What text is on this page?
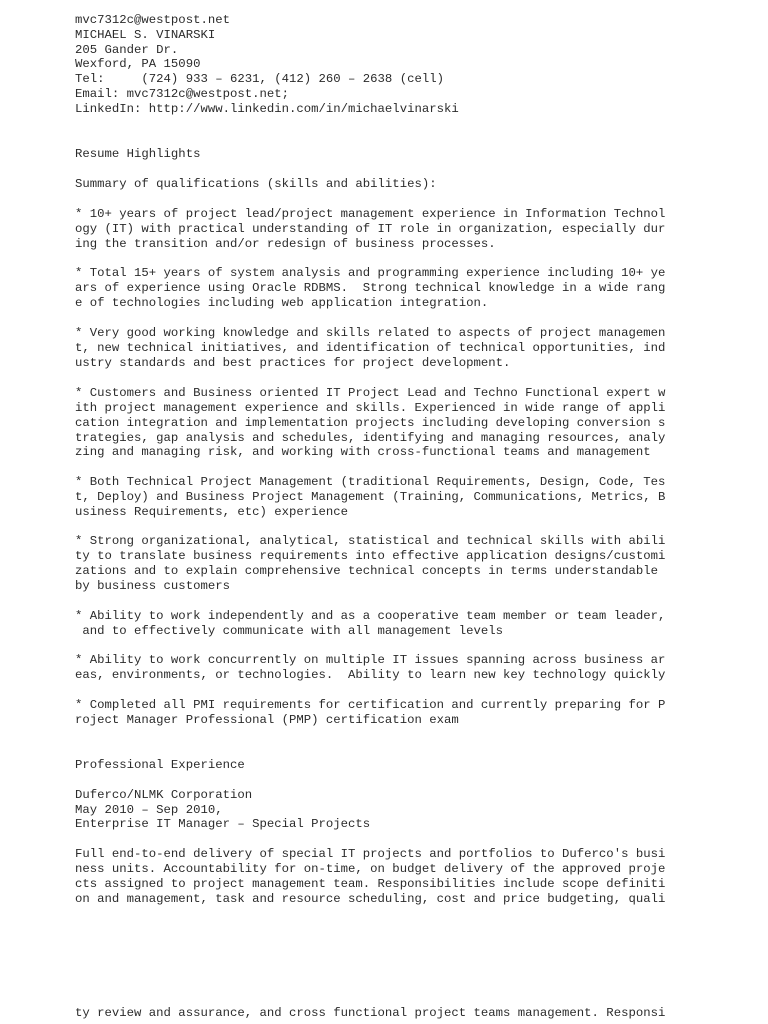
mvc7312c@westpost.net
MICHAEL S. VINARSKI
205 Gander Dr.
Wexford, PA 15090
Tel:     (724) 933 – 6231, (412) 260 – 2638 (cell)
Email: mvc7312c@westpost.net;
LinkedIn: http://www.linkedin.com/in/michaelvinarski
Resume Highlights
Summary of qualifications (skills and abilities):
* 10+ years of project lead/project management experience in Information Technol
ogy (IT) with practical understanding of IT role in organization, especially dur
ing the transition and/or redesign of business processes.
* Total 15+ years of system analysis and programming experience including 10+ ye
ars of experience using Oracle RDBMS.  Strong technical knowledge in a wide rang
e of technologies including web application integration.
* Very good working knowledge and skills related to aspects of project managemen
t, new technical initiatives, and identification of technical opportunities, ind
ustry standards and best practices for project development.
* Customers and Business oriented IT Project Lead and Techno Functional expert w
ith project management experience and skills. Experienced in wide range of appli
cation integration and implementation projects including developing conversion s
trategies, gap analysis and schedules, identifying and managing resources, analy
zing and managing risk, and working with cross-functional teams and management
* Both Technical Project Management (traditional Requirements, Design, Code, Tes
t, Deploy) and Business Project Management (Training, Communications, Metrics, B
usiness Requirements, etc) experience
* Strong organizational, analytical, statistical and technical skills with abili
ty to translate business requirements into effective application designs/customi
zations and to explain comprehensive technical concepts in terms understandable
by business customers
* Ability to work independently and as a cooperative team member or team leader,
and to effectively communicate with all management levels
* Ability to work concurrently on multiple IT issues spanning across business ar
eas, environments, or technologies.  Ability to learn new key technology quickly
* Completed all PMI requirements for certification and currently preparing for P
roject Manager Professional (PMP) certification exam
Professional Experience
Duferco/NLMK Corporation
May 2010 – Sep 2010,
Enterprise IT Manager – Special Projects
Full end-to-end delivery of special IT projects and portfolios to Duferco's busi
ness units. Accountability for on-time, on budget delivery of the approved proje
cts assigned to project management team. Responsibilities include scope definiti
on and management, task and resource scheduling, cost and price budgeting, quali
ty review and assurance, and cross functional project teams management. Responsi
